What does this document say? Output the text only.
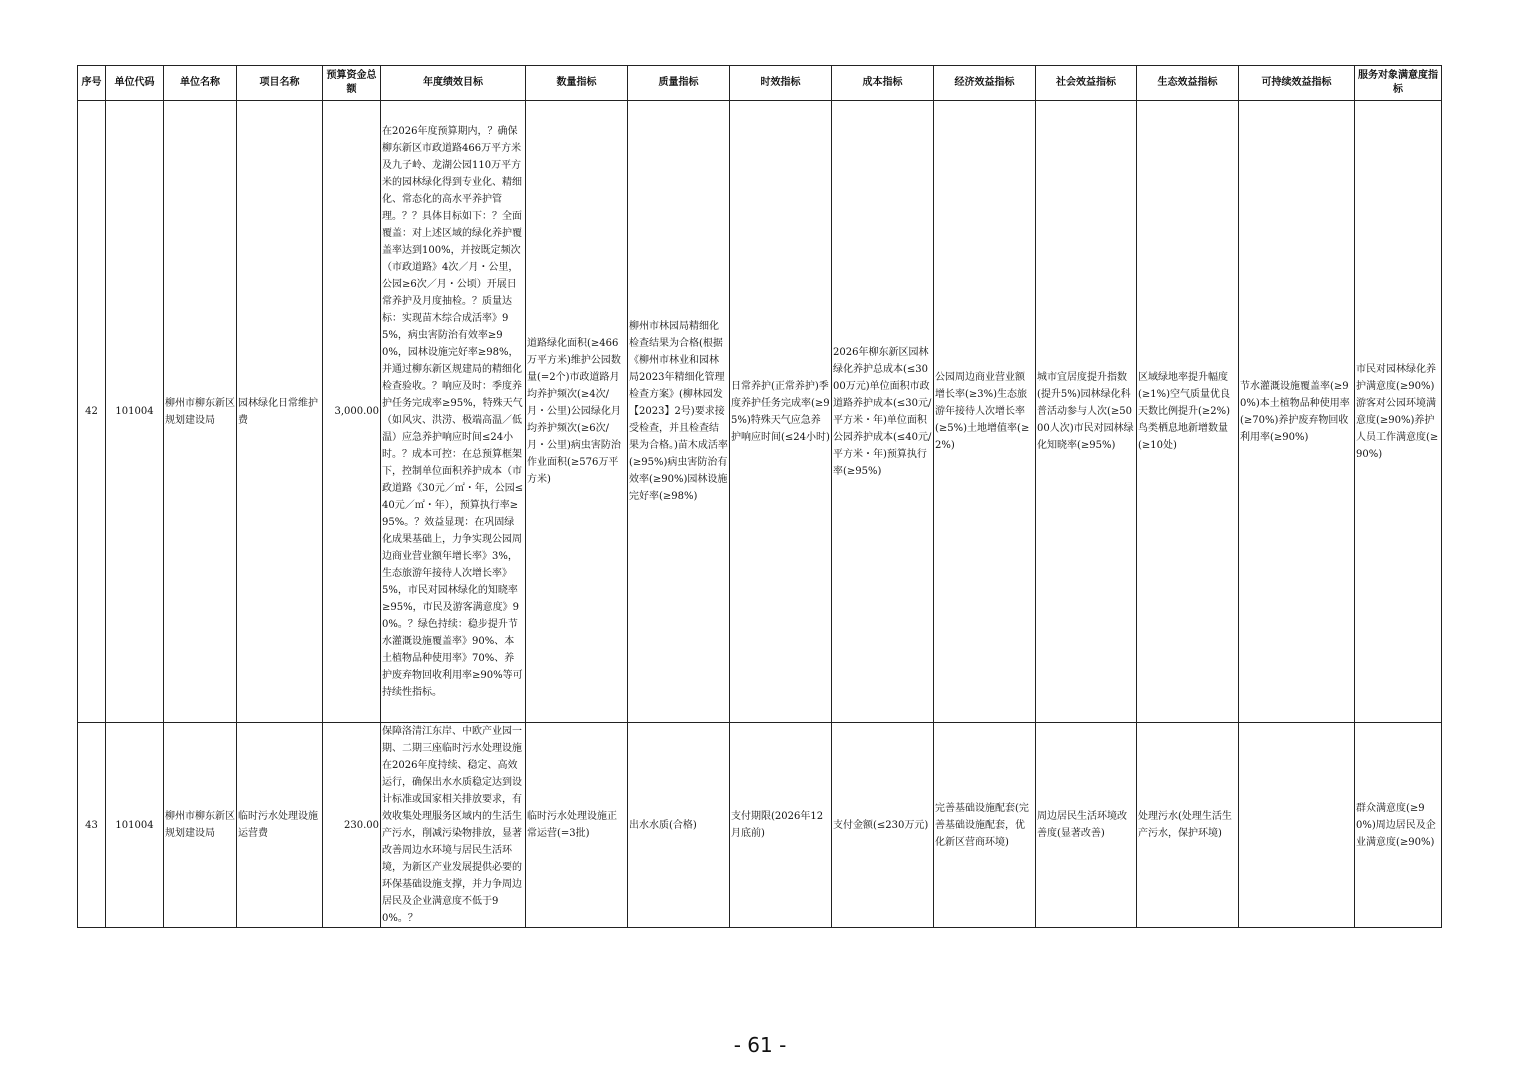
序号	单位代码	单位名称	项目名称	预算资金总额	年度绩效目标	数量指标	质量指标	时效指标	成本指标	经济效益指标	社会效益指标	生态效益指标	可持续效益指标	服务对象满意度指标
42	101004	柳州市柳东新区规划建设局	园林绿化日常维护费	3,000.00	在2026年度预算期内，？确保柳东新区市政道路466万平方米及九子岭、龙湖公园110万平方米的园林绿化得到专业化、精细化、常态化的高水平养护管理。？？具体目标如下：？全面覆盖：对上述区域的绿化养护覆盖率达到100%，并按既定频次（市政道路》4次／月・公里，公园≥6次／月・公顷）开展日常养护及月度抽检。？质量达标：实现苗木综合成活率》95%，病虫害防治有效率≥90%，园林设施完好率≥98%，并通过柳东新区规建局的精细化检查验收。？响应及时：季度养护任务完成率≥95%，特殊天气（如风灾、洪涝、极端高温／低温）应急养护响应时间≤24小时。？成本可控：在总预算框架下，控制单位面积养护成本（市政道路《30元／㎡・年，公园≤40元／㎡・年），预算执行率≥95%。？效益显现：在巩固绿化成果基础上，力争实现公园周边商业营业额年增长率》3%，生态旅游年接待人次增长率》5%，市民对园林绿化的知晓率≥95%，市民及游客满意度》90%。？绿色持续：稳步提升节水灌溉设施覆盖率》90%、本土植物品种使用率》70%、养护废弃物回收利用率≥90%等可持续性指标。	道路绿化面积(≥466万平方米)维护公园数量(=2个)市政道路月均养护频次(≥4次/月・公里)公园绿化月均养护频次(≥6次/月・公里)病虫害防治作业面积(≥576万平方米)	柳州市林园局精细化检查结果为合格(根据《柳州市林业和园林局2023年精细化管理检查方案》(柳林园发【2023】2号)要求接受检查，并且检查结果为合格。)苗木成活率(≥95%)病虫害防治有效率(≥90%)园林设施完好率(≥98%)	日常养护(正常养护)季度养护任务完成率(≥95%)特殊天气应急养护响应时间(≤24小时)	2026年柳东新区园林绿化养护总成本(≤3000万元)单位面积市政道路养护成本(≤30元/平方米・年)单位面积公园养护成本(≤40元/平方米・年)预算执行率(≥95%)	公园周边商业营业额增长率(≥3%)生态旅游年接待人次增长率(≥5%)土地增值率(≥2%)	城市宜居度提升指数(提升5%)园林绿化科普活动参与人次(≥5000人次)市民对园林绿化知晓率(≥95%)	区域绿地率提升幅度(≥1%)空气质量优良天数比例提升(≥2%)鸟类栖息地新增数量(≥10处)	节水灌溉设施覆盖率(≥90%)本土植物品种使用率(≥70%)养护废弃物回收利用率(≥90%)	市民对园林绿化养护满意度(≥90%)游客对公园环境满意度(≥90%)养护人员工作满意度(≥90%)
43	101004	柳州市柳东新区规划建设局	临时污水处理设施运营费	230.00	保障洛清江东岸、中欧产业园一期、二期三座临时污水处理设施在2026年度持续、稳定、高效运行，确保出水水质稳定达到设计标准或国家相关排放要求，有效收集处理服务区域内的生活生产污水，削减污染物排放，显著改善周边水环境与居民生活环境，为新区产业发展提供必要的环保基础设施支撑，并力争周边居民及企业满意度不低于90%。？	临时污水处理设施正常运营(=3批)	出水水质(合格)	支付期限(2026年12月底前)	支付金额(≤230万元)	完善基础设施配套(完善基础设施配套，优化新区营商环境)	周边居民生活环境改善度(显著改善)	处理污水(处理生活生产污水，保护环境)		群众满意度(≥90%)周边居民及企业满意度(≥90%)
- 61 -
